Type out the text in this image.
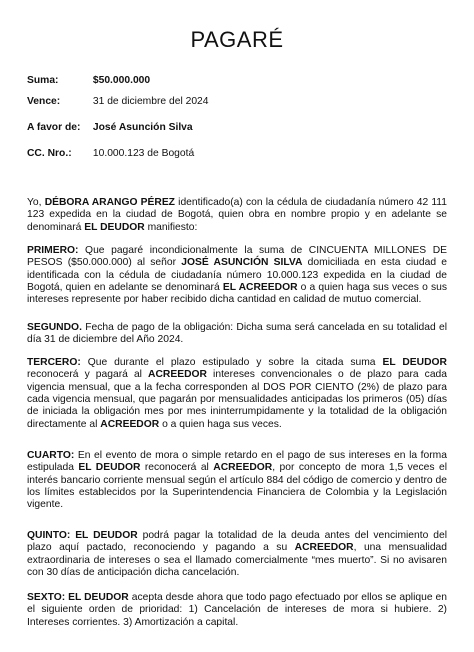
PAGARÉ
Suma:	$50.000.000
Vence:	31 de diciembre del 2024
A favor de: José Asunción Silva
CC. Nro.: 10.000.123 de Bogotá

Yo, DÉBORA ARANGO PÉREZ identificado(a) con la cédula de ciudadanía número 42 111 123 expedida en la ciudad de Bogotá, quien obra en nombre propio y en adelante se denominará EL DEUDOR manifiesto:

PRIMERO: Que pagaré incondicionalmente la suma de CINCUENTA MILLONES DE PESOS ($50.000.000) al señor JOSÉ ASUNCIÓN SILVA domiciliada en esta ciudad e identificada con la cédula de ciudadanía número 10.000.123 expedida en la ciudad de Bogotá, quien en adelante se denominará EL ACREEDOR o a quien haga sus veces o sus intereses represente por haber recibido dicha cantidad en calidad de mutuo comercial.

SEGUNDO. Fecha de pago de la obligación: Dicha suma será cancelada en su totalidad el día 31 de diciembre del Año 2024.

TERCERO: Que durante el plazo estipulado y sobre la citada suma EL DEUDOR reconocerá y pagará al ACREEDOR intereses convencionales o de plazo para cada vigencia mensual, que a la fecha corresponden al DOS POR CIENTO (2%) de plazo para cada vigencia mensual, que pagarán por mensualidades anticipadas los primeros (05) días de iniciada la obligación mes por mes ininterrumpidamente y la totalidad de la obligación directamente al ACREEDOR o a quien haga sus veces.

CUARTO: En el evento de mora o simple retardo en el pago de sus intereses en la forma estipulada EL DEUDOR reconocerá al ACREEDOR, por concepto de mora 1,5 veces el interés bancario corriente mensual según el artículo 884 del código de comercio y dentro de los límites establecidos por la Superintendencia Financiera de Colombia y la Legislación vigente.

QUINTO: EL DEUDOR podrá pagar la totalidad de la deuda antes del vencimiento del plazo aquí pactado, reconociendo y pagando a su ACREEDOR, una mensualidad extraordinaria de intereses o sea el llamado comercialmente “mes muerto”. Si no avisaren con 30 días de anticipación dicha cancelación.

SEXTO: EL DEUDOR acepta desde ahora que todo pago efectuado por ellos se aplique en el siguiente orden de prioridad: 1) Cancelación de intereses de mora si hubiere. 2) Intereses corrientes. 3) Amortización a capital.
